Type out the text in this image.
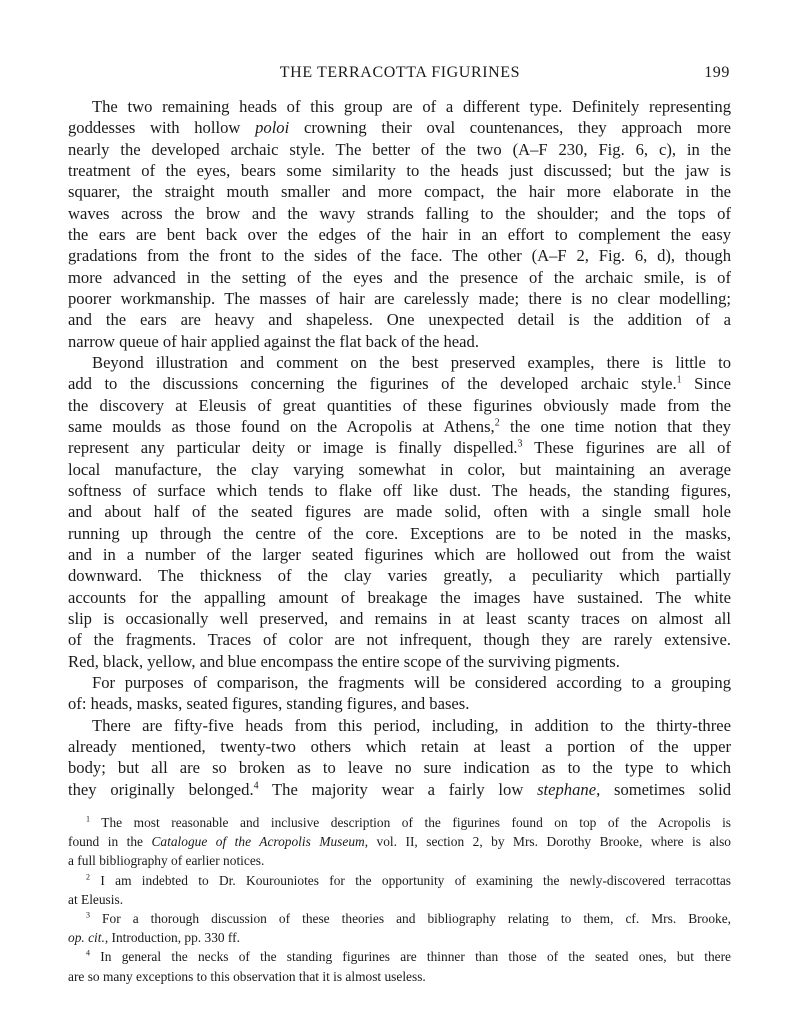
THE TERRACOTTA FIGURINES	199
The two remaining heads of this group are of a different type. Definitely representing
goddesses with hollow poloi crowning their oval countenances, they approach more
nearly the developed archaic style. The better of the two (A–F 230, Fig. 6, c), in the
treatment of the eyes, bears some similarity to the heads just discussed; but the jaw is
squarer, the straight mouth smaller and more compact, the hair more elaborate in the
waves across the brow and the wavy strands falling to the shoulder; and the tops of
the ears are bent back over the edges of the hair in an effort to complement the easy
gradations from the front to the sides of the face. The other (A–F 2, Fig. 6, d), though
more advanced in the setting of the eyes and the presence of the archaic smile, is of
poorer workmanship. The masses of hair are carelessly made; there is no clear modelling;
and the ears are heavy and shapeless. One unexpected detail is the addition of a
narrow queue of hair applied against the flat back of the head.
Beyond illustration and comment on the best preserved examples, there is little to
add to the discussions concerning the figurines of the developed archaic style.$^1$ Since
the discovery at Eleusis of great quantities of these figurines obviously made from the
same moulds as those found on the Acropolis at Athens,$^2$ the one time notion that they
represent any particular deity or image is finally dispelled.$^3$ These figurines are all of
local manufacture, the clay varying somewhat in color, but maintaining an average
softness of surface which tends to flake off like dust. The heads, the standing figures,
and about half of the seated figures are made solid, often with a single small hole
running up through the centre of the core. Exceptions are to be noted in the masks,
and in a number of the larger seated figurines which are hollowed out from the waist
downward. The thickness of the clay varies greatly, a peculiarity which partially
accounts for the appalling amount of breakage the images have sustained. The white
slip is occasionally well preserved, and remains in at least scanty traces on almost all
of the fragments. Traces of color are not infrequent, though they are rarely extensive.
Red, black, yellow, and blue encompass the entire scope of the surviving pigments.
For purposes of comparison, the fragments will be considered according to a grouping
of: heads, masks, seated figures, standing figures, and bases.
There are fifty-five heads from this period, including, in addition to the thirty-three
already mentioned, twenty-two others which retain at least a portion of the upper
body; but all are so broken as to leave no sure indication as to the type to which
they originally belonged.$^4$ The majority wear a fairly low stephane, sometimes solid
$^1$ The most reasonable and inclusive description of the figurines found on top of the Acropolis is
found in the Catalogue of the Acropolis Museum, vol. II, section 2, by Mrs. Dorothy Brooke, where is also
a full bibliography of earlier notices.
$^2$ I am indebted to Dr. Kourouniotes for the opportunity of examining the newly-discovered terracottas
at Eleusis.
$^3$ For a thorough discussion of these theories and bibliography relating to them, cf. Mrs. Brooke,
op. cit., Introduction, pp. 330 ff.
$^4$ In general the necks of the standing figurines are thinner than those of the seated ones, but there
are so many exceptions to this observation that it is almost useless.
